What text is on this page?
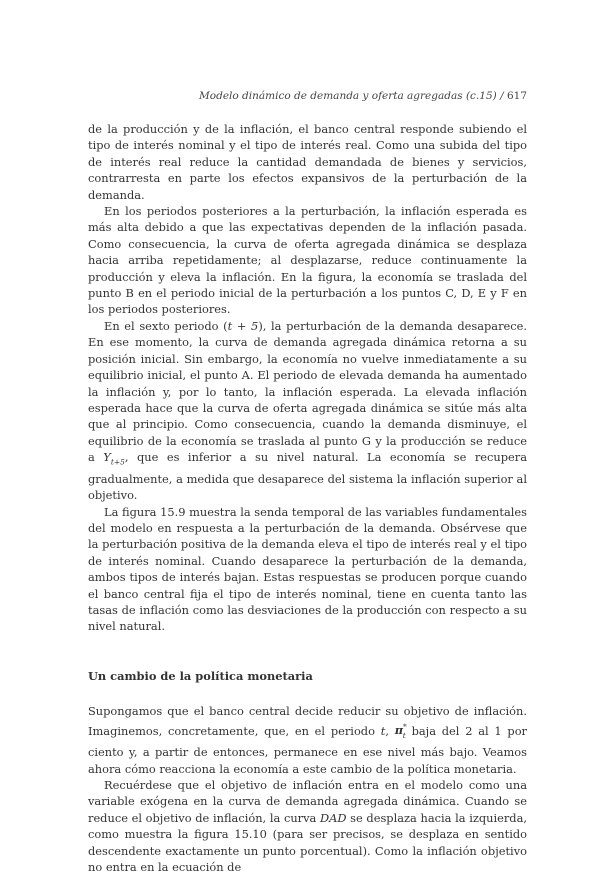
Modelo dinámico de demanda y oferta agregadas (c.15) / 617

de la producción y de la inflación, el banco central responde subiendo el tipo de interés nominal y el tipo de interés real. Como una subida del tipo de interés real reduce la cantidad demandada de bienes y servicios, contrarresta en parte los efectos expansivos de la perturbación de la demanda.

En los periodos posteriores a la perturbación, la inflación esperada es más alta debido a que las expectativas dependen de la inflación pasada. Como consecuencia, la curva de oferta agregada dinámica se desplaza hacia arriba repetidamente; al desplazarse, reduce continuamente la producción y eleva la inflación. En la figura, la economía se traslada del punto B en el periodo inicial de la perturbación a los puntos C, D, E y F en los periodos posteriores.

En el sexto periodo (t + 5), la perturbación de la demanda desaparece. En ese momento, la curva de demanda agregada dinámica retorna a su posición inicial. Sin embargo, la economía no vuelve inmediatamente a su equilibrio inicial, el punto A. El periodo de elevada demanda ha aumentado la inflación y, por lo tanto, la inflación esperada. La elevada inflación esperada hace que la curva de oferta agregada dinámica se sitúe más alta que al principio. Como consecuencia, cuando la demanda disminuye, el equilibrio de la economía se traslada al punto G y la producción se reduce a $Y_{t+5}$, que es inferior a su nivel natural. La economía se recupera gradualmente, a medida que desaparece del sistema la inflación superior al objetivo.

La figura 15.9 muestra la senda temporal de las variables fundamentales del modelo en respuesta a la perturbación de la demanda. Obsérvese que la perturbación positiva de la demanda eleva el tipo de interés real y el tipo de interés nominal. Cuando desaparece la perturbación de la demanda, ambos tipos de interés bajan. Estas respuestas se producen porque cuando el banco central fija el tipo de interés nominal, tiene en cuenta tanto las tasas de inflación como las desviaciones de la producción con respecto a su nivel natural.

Un cambio de la política monetaria

Supongamos que el banco central decide reducir su objetivo de inflación. Imaginemos, concretamente, que, en el periodo t, $\pi^*_t$ baja del 2 al 1 por ciento y, a partir de entonces, permanece en ese nivel más bajo. Veamos ahora cómo reacciona la economía a este cambio de la política monetaria.

Recuérdese que el objetivo de inflación entra en el modelo como una variable exógena en la curva de demanda agregada dinámica. Cuando se reduce el objetivo de inflación, la curva DAD se desplaza hacia la izquierda, como muestra la figura 15.10 (para ser precisos, se desplaza en sentido descendente exactamente un punto porcentual). Como la inflación objetivo no entra en la ecuación de
